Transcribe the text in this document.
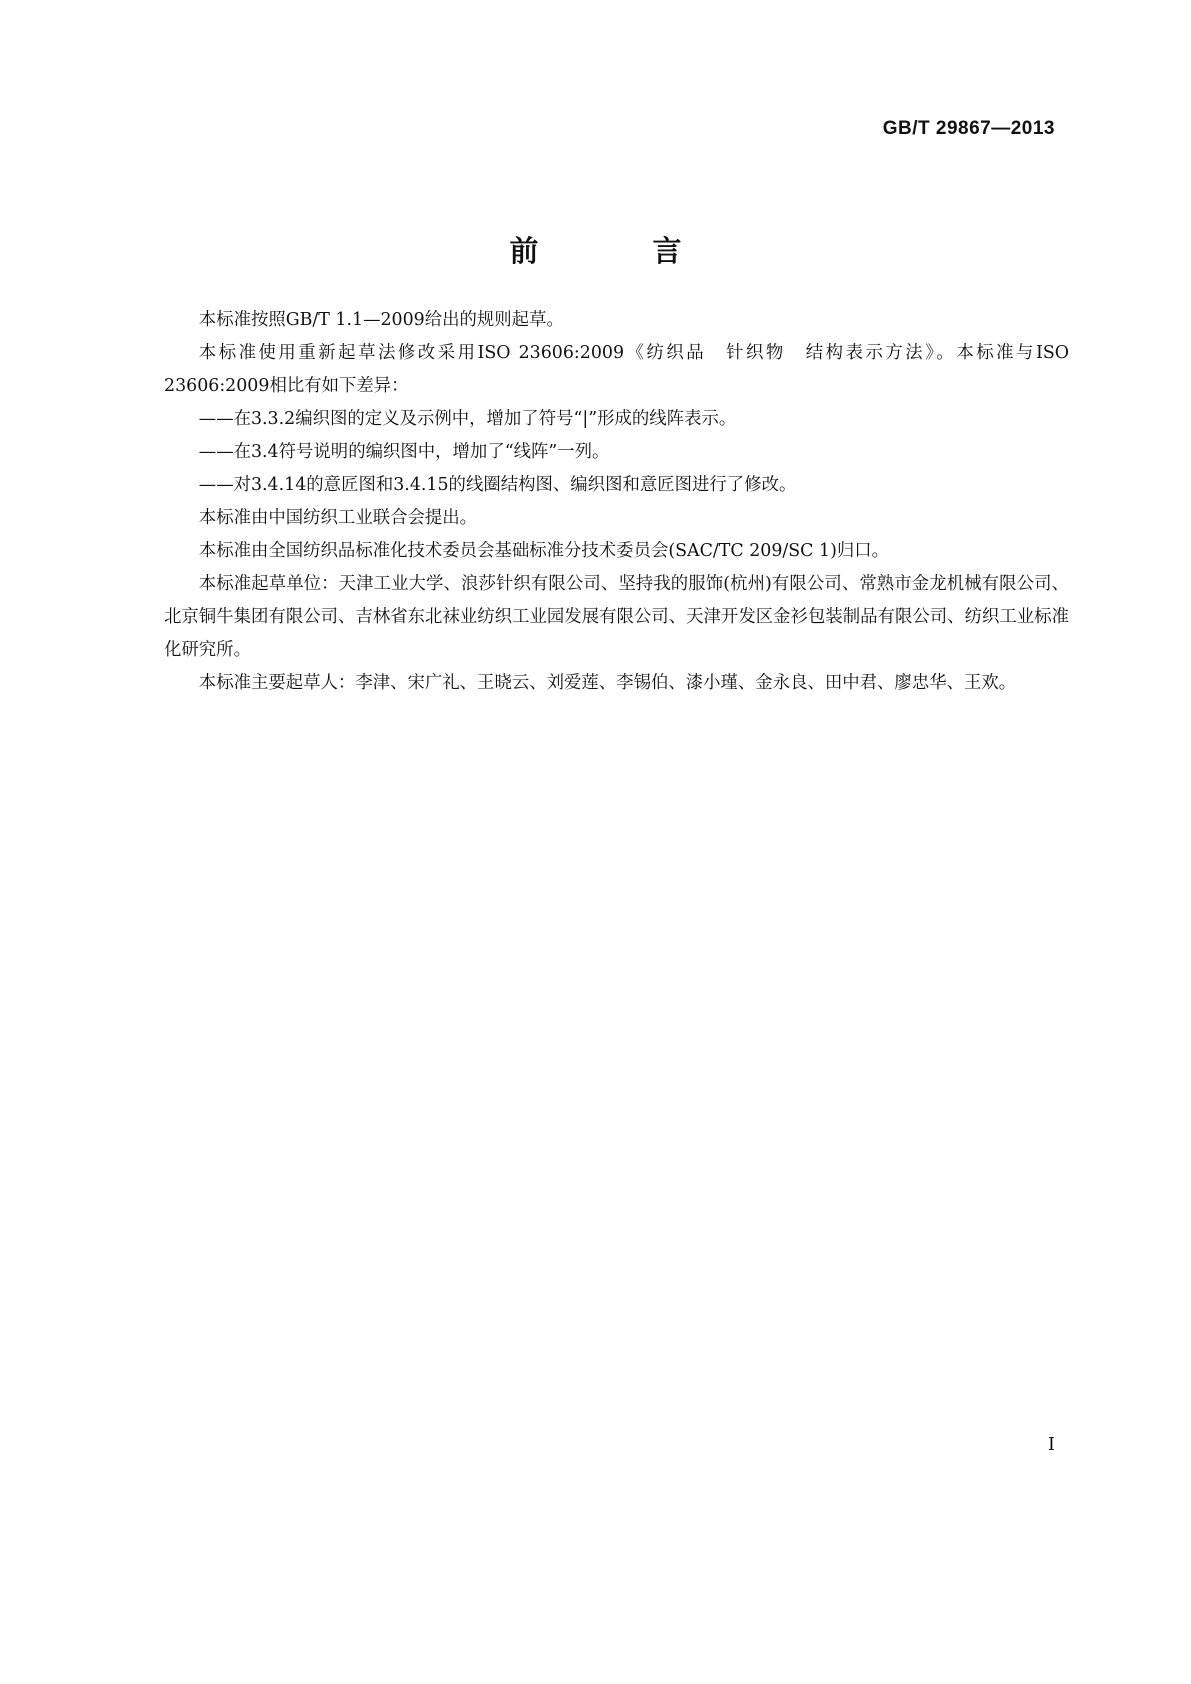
GB/T 29867—2013
前 言

本标准按照GB/T 1.1—2009给出的规则起草。

本标准使用重新起草法修改采用ISO 23606:2009《纺织品　针织物　结构表示方法》。本标准与ISO 23606:2009相比有如下差异：

——在3.3.2编织图的定义及示例中，增加了符号“|”形成的线阵表示。

——在3.4符号说明的编织图中，增加了“线阵”一列。

——对3.4.14的意匠图和3.4.15的线圈结构图、编织图和意匠图进行了修改。

本标准由中国纺织工业联合会提出。

本标准由全国纺织品标准化技术委员会基础标准分技术委员会(SAC/TC 209/SC 1)归口。

本标准起草单位：天津工业大学、浪莎针织有限公司、坚持我的服饰(杭州)有限公司、常熟市金龙机械有限公司、北京铜牛集团有限公司、吉林省东北袜业纺织工业园发展有限公司、天津开发区金衫包装制品有限公司、纺织工业标准化研究所。

本标准主要起草人：李津、宋广礼、王晓云、刘爱莲、李锡伯、漆小瑾、金永良、田中君、廖忠华、王欢。

I
